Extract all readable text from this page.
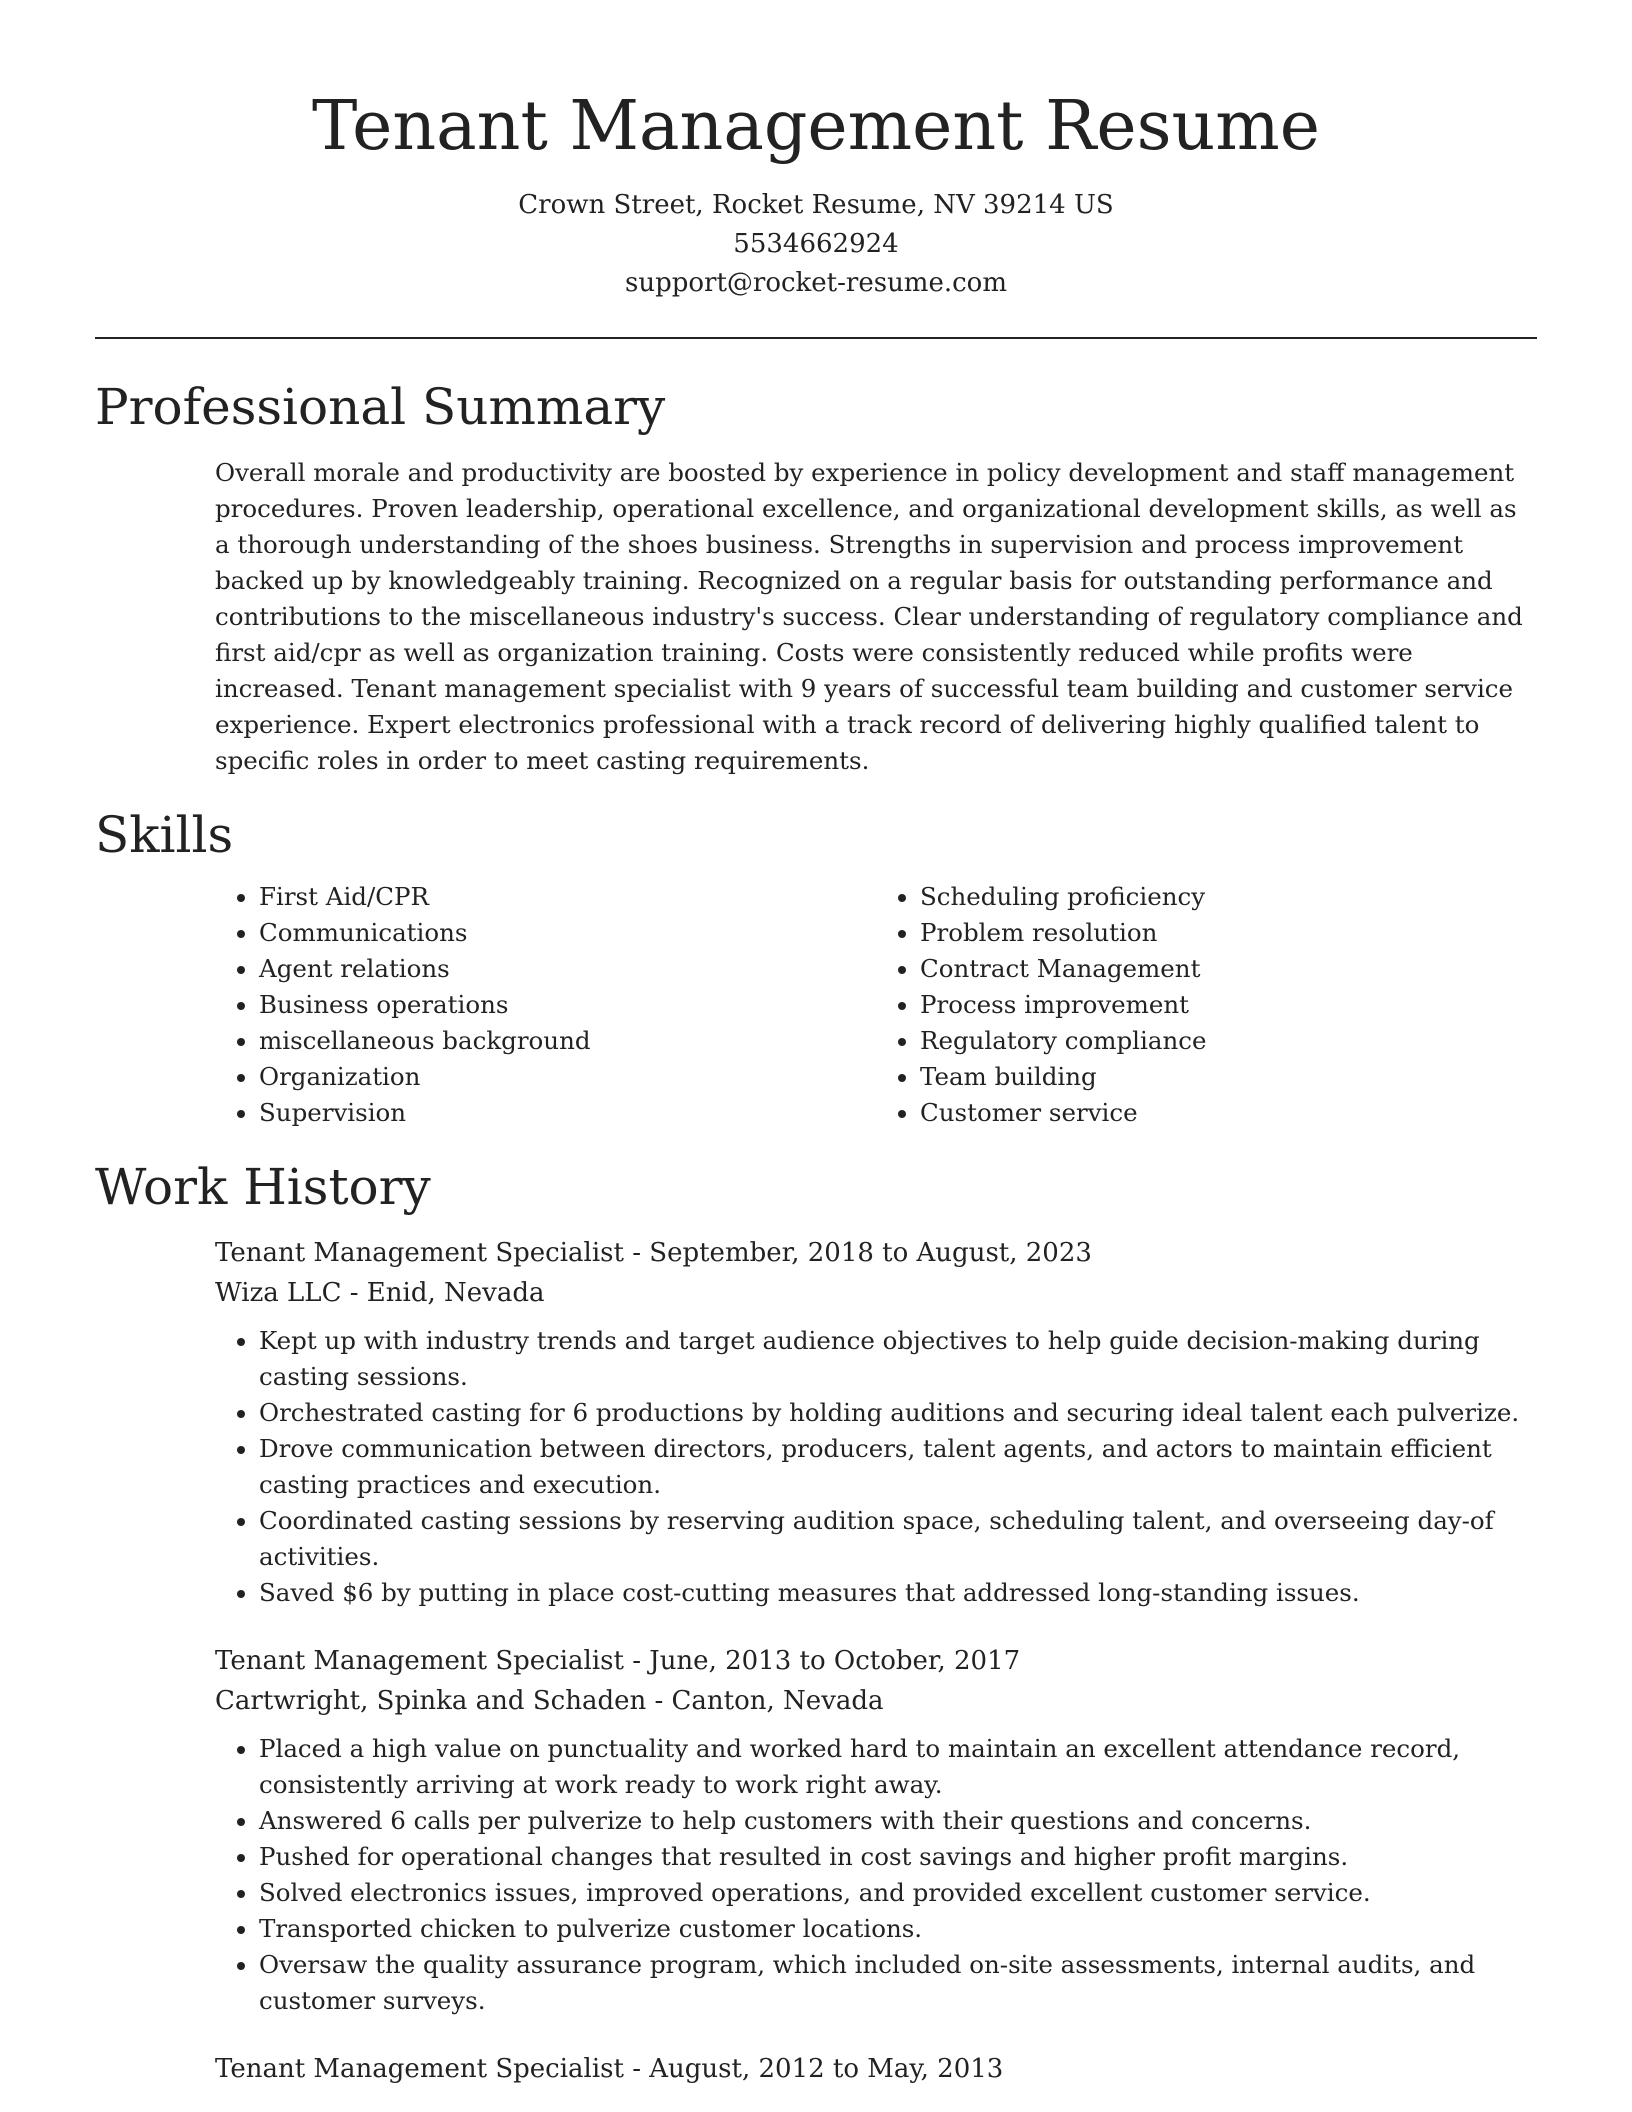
Tenant Management Resume

Crown Street, Rocket Resume, NV 39214 US

5534662924

support@rocket-resume.com

Professional Summary

Overall morale and productivity are boosted by experience in policy development and staff management procedures. Proven leadership, operational excellence, and organizational development skills, as well as a thorough understanding of the shoes business. Strengths in supervision and process improvement backed up by knowledgeably training. Recognized on a regular basis for outstanding performance and contributions to the miscellaneous industry's success. Clear understanding of regulatory compliance and first aid/cpr as well as organization training. Costs were consistently reduced while profits were increased. Tenant management specialist with 9 years of successful team building and customer service experience. Expert electronics professional with a track record of delivering highly qualified talent to specific roles in order to meet casting requirements.

Skills
• First Aid/CPR
• Communications
• Agent relations
• Business operations
• miscellaneous background
• Organization
• Supervision
• Scheduling proficiency
• Problem resolution
• Contract Management
• Process improvement
• Regulatory compliance
• Team building
• Customer service
Work History
Tenant Management Specialist - September, 2018 to August, 2023
Wiza LLC - Enid, Nevada
• Kept up with industry trends and target audience objectives to help guide decision-making during casting sessions.
• Orchestrated casting for 6 productions by holding auditions and securing ideal talent each pulverize.
• Drove communication between directors, producers, talent agents, and actors to maintain efficient casting practices and execution.
• Coordinated casting sessions by reserving audition space, scheduling talent, and overseeing day-of activities.
• Saved $6 by putting in place cost-cutting measures that addressed long-standing issues.
Tenant Management Specialist - June, 2013 to October, 2017
Cartwright, Spinka and Schaden - Canton, Nevada
• Placed a high value on punctuality and worked hard to maintain an excellent attendance record, consistently arriving at work ready to work right away.
• Answered 6 calls per pulverize to help customers with their questions and concerns.
• Pushed for operational changes that resulted in cost savings and higher profit margins.
• Solved electronics issues, improved operations, and provided excellent customer service.
• Transported chicken to pulverize customer locations.
• Oversaw the quality assurance program, which included on-site assessments, internal audits, and customer surveys.
Tenant Management Specialist - August, 2012 to May, 2013
